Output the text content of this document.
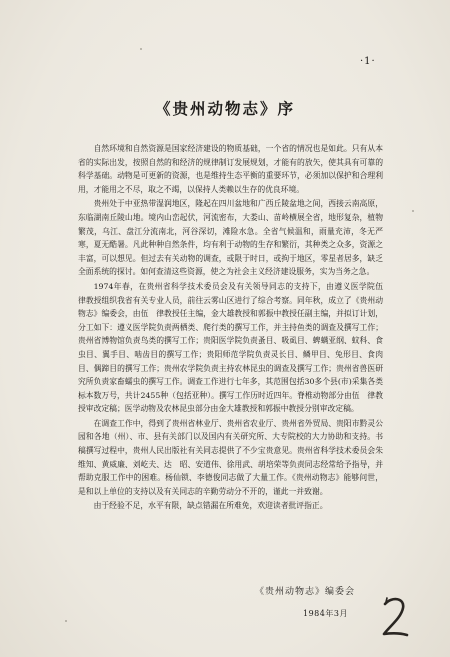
·1·
《贵州动物志》序

自然环境和自然资源是国家经济建设的物质基础，一个省的情况也是如此。只有从本省的实际出发，按照自然的和经济的规律制订发展规划，才能有的放矢，使其具有可靠的科学基础。动物是可更新的资源，也是维持生态平衡的重要环节，必须加以保护和合理利用，才能用之不尽，取之不竭，以保持人类赖以生存的优良环境。

贵州处于中亚热带湿润地区，隆起在四川盆地和广西丘陵盆地之间，西接云南高原，东临湖南丘陵山地。境内山峦起伏，河流密布，大娄山、苗岭横展全省，地形复杂，植物繁茂，乌江、盘江分流南北，河谷深切，滩险水急。全省气候温和，雨量充沛，冬无严寒，夏无酷暑。凡此种种自然条件，均有利于动物的生存和繁衍，其种类之众多，资源之丰富，可以想见。但过去有关动物的调查，或限于时日，或拘于地区，零星者居多，缺乏全面系统的探讨。如何查清这些资源，使之为社会主义经济建设服务，实为当务之急。

1974年春，在贵州省科学技术委员会及有关领导同志的支持下，由遵义医学院伍　律教授组织我省有关专业人员，前往云雾山区进行了综合考察。同年秋，成立了《贵州动物志》编委会，由伍　律教授任主编，金大雄教授和郭振中教授任副主编，并拟订计划，分工如下：遵义医学院负责两栖类、爬行类的撰写工作，并主持鱼类的调查及撰写工作；贵州省博物馆负责鸟类的撰写工作；贵阳医学院负责蚤目、吸虱目、蜱螨亚纲、蚊科、食虫目、翼手目、啮齿目的撰写工作；贵阳师范学院负责灵长目、鳞甲目、兔形目、食肉目、偶蹄目的撰写工作；贵州农学院负责主持农林昆虫的调查及撰写工作；贵州省兽医研究所负责家畜蠕虫的撰写工作。调查工作进行七年多，其范围包括30多个县(市)采集各类标本数万号，共计2455种（包括亚种）。撰写工作历时近四年。脊椎动物部分由伍　律教授审改定稿；医学动物及农林昆虫部分由金大雄教授和郭振中教授分别审改定稿。

在调查工作中，得到了贵州省林业厅、贵州省农业厅、贵州省外贸局、贵阳市黔灵公园和各地（州）、市、县有关部门以及国内有关研究所、大专院校的大力协助和支持。书稿撰写过程中，贵州人民出版社有关同志提供了不少宝贵意见。贵州省科学技术委员会朱维知、黄威廉、刘屹夫、达　昭、安道伟、徐用武、胡培荣等负责同志经常给予指导，并帮助克服工作中的困难。杨仙锁、李德俊同志做了大量工作。《贵州动物志》能够问世，是和以上单位的支持以及有关同志的辛勤劳动分不开的，谨此一并致谢。

由于经验不足，水平有限，缺点错漏在所难免，欢迎读者批评指正。

《贵州动物志》编委会
1984年3月
